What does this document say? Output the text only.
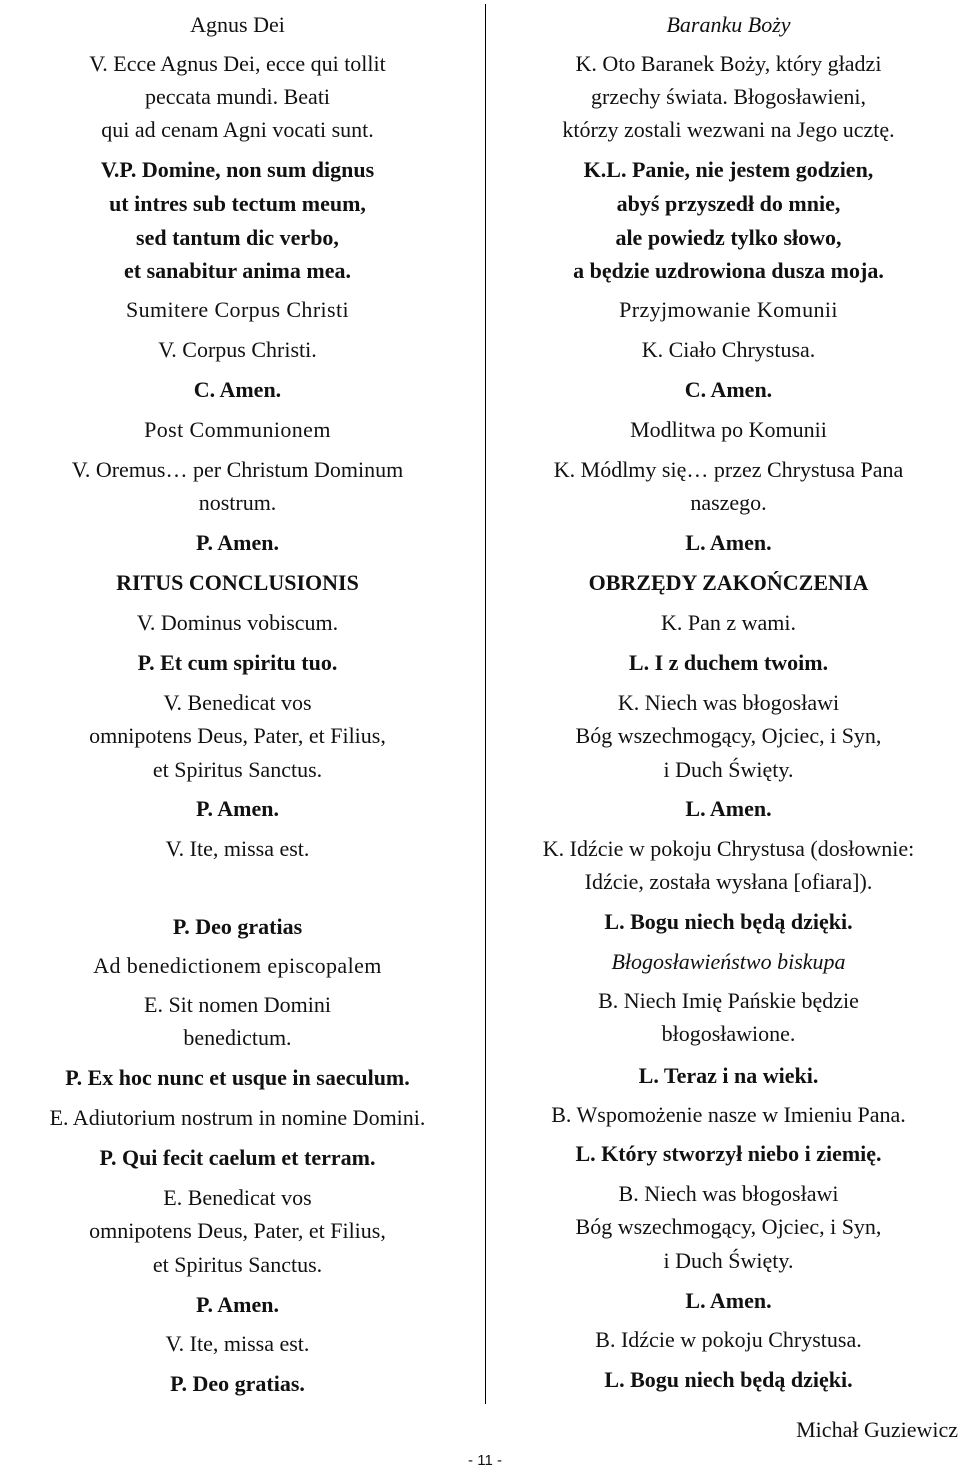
Agnus Dei
V. Ecce Agnus Dei, ecce qui tollit
peccata mundi. Beati
qui ad cenam Agni vocati sunt.
V.P. Domine, non sum dignus
ut intres sub tectum meum,
sed tantum dic verbo,
et sanabitur anima mea.
Sumitere Corpus Christi
V. Corpus Christi.
C. Amen.
Post Communionem
V. Oremus… per Christum Dominum
nostrum.
P. Amen.
RITUS CONCLUSIONIS
V. Dominus vobiscum.
P. Et cum spiritu tuo.
V. Benedicat vos
omnipotens Deus, Pater, et Filius,
et Spiritus Sanctus.
P. Amen.
V. Ite, missa est.
P. Deo gratias
Ad benedictionem episcopalem
E. Sit nomen Domini
benedictum.
P. Ex hoc nunc et usque in saeculum.
E. Adiutorium nostrum in nomine Domini.
P. Qui fecit caelum et terram.
E. Benedicat vos
omnipotens Deus, Pater, et Filius,
et Spiritus Sanctus.
P. Amen.
V. Ite, missa est.
P. Deo gratias.
Baranku Boży
K. Oto Baranek Boży, który gładzi
grzechy świata. Błogosławieni,
którzy zostali wezwani na Jego ucztę.
K.L. Panie, nie jestem godzien,
abyś przyszedł do mnie,
ale powiedz tylko słowo,
a będzie uzdrowiona dusza moja.
Przyjmowanie Komunii
K. Ciało Chrystusa.
C. Amen.
Modlitwa po Komunii
K. Módlmy się… przez Chrystusa Pana
naszego.
L. Amen.
OBRZĘDY ZAKOŃCZENIA
K. Pan z wami.
L. I z duchem twoim.
K. Niech was błogosławi
Bóg wszechmogący, Ojciec, i Syn,
i Duch Święty.
L. Amen.
K. Idźcie w pokoju Chrystusa (dosłownie:
Idźcie, została wysłana [ofiara]).
L. Bogu niech będą dzięki.
Błogosławieństwo biskupa
B. Niech Imię Pańskie będzie
błogosławione.
L. Teraz i na wieki.
B. Wspomożenie nasze w Imieniu Pana.
L. Który stworzył niebo i ziemię.
B. Niech was błogosławi
Bóg wszechmogący, Ojciec, i Syn,
i Duch Święty.
L. Amen.
B. Idźcie w pokoju Chrystusa.
L. Bogu niech będą dzięki.
Michał Guziewicz
- 11 -
